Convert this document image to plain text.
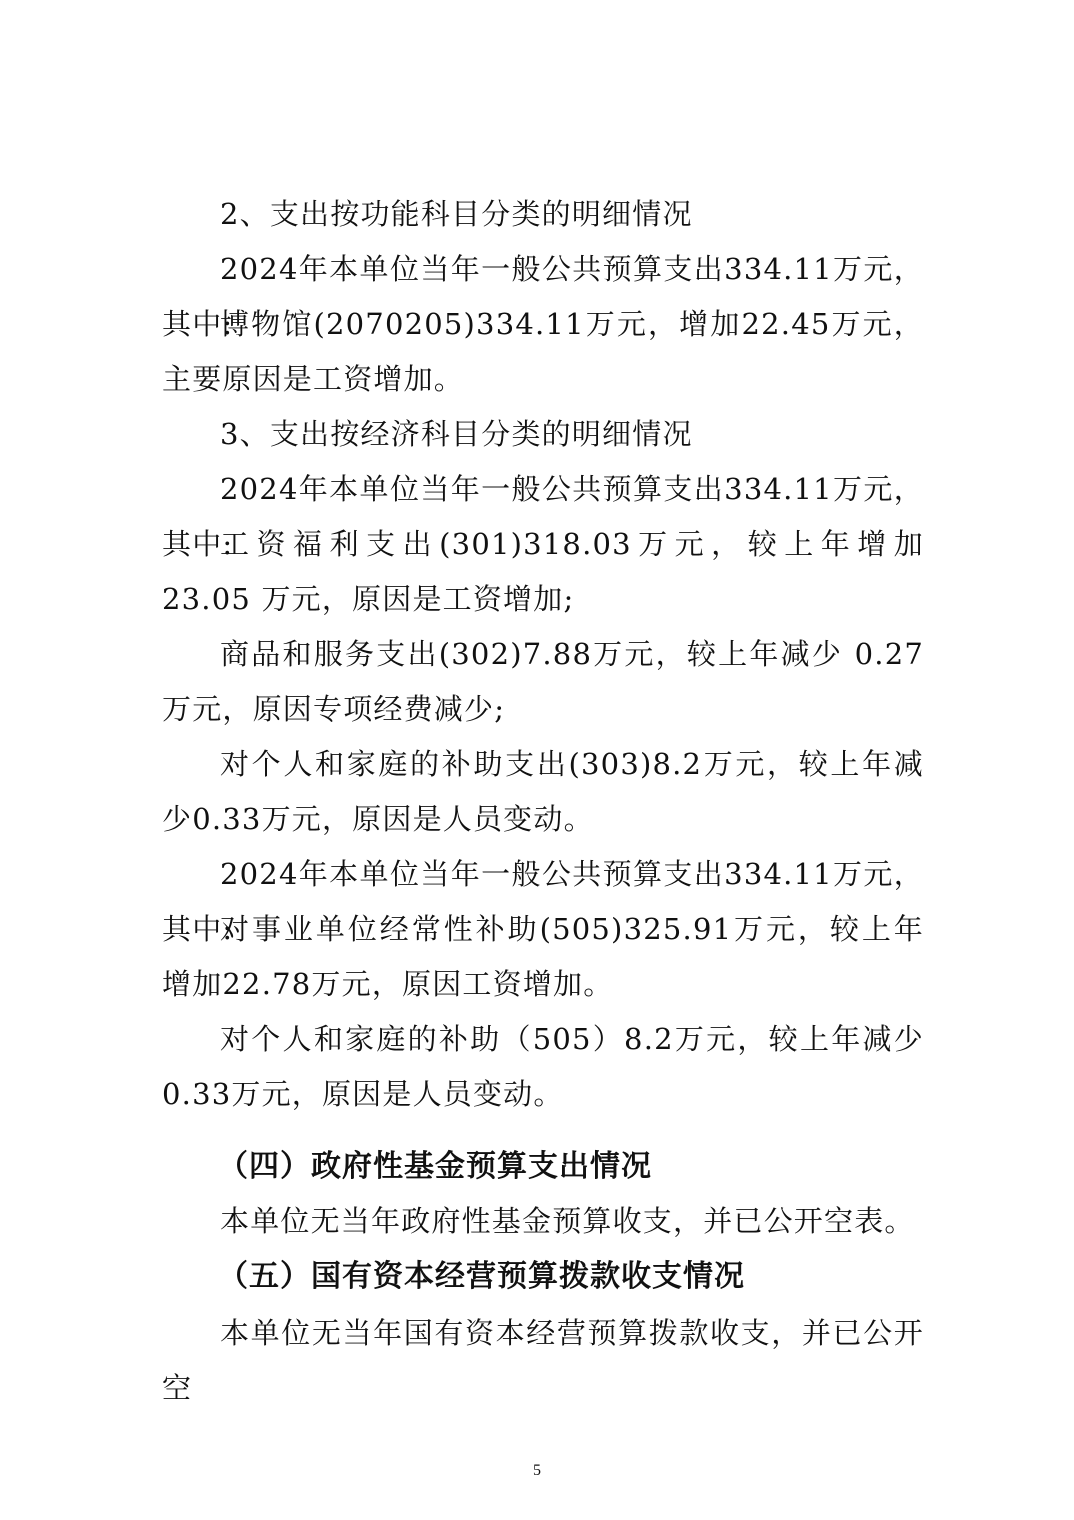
2、支出按功能科目分类的明细情况

2024年本单位当年一般公共预算支出334.11万元，其中:

博物馆(2070205)334.11万元，增加22.45万元，主要原因是工资增加。

3、支出按经济科目分类的明细情况

2024年本单位当年一般公共预算支出334.11万元，其中:

工资福利支出(301)318.03万元，较上年增加23.05 万元，原因是工资增加;

商品和服务支出(302)7.88万元，较上年减少 0.27万元，原因专项经费减少;

对个人和家庭的补助支出(303)8.2万元，较上年减少0.33万元，原因是人员变动。

2024年本单位当年一般公共预算支出334.11万元，其中:

对事业单位经常性补助(505)325.91万元，较上年增加22.78万元，原因工资增加。

对个人和家庭的补助（505）8.2万元，较上年减少 0.33万元，原因是人员变动。

（四）政府性基金预算支出情况

本单位无当年政府性基金预算收支，并已公开空表。

（五）国有资本经营预算拨款收支情况

本单位无当年国有资本经营预算拨款收支，并已公开空

5
